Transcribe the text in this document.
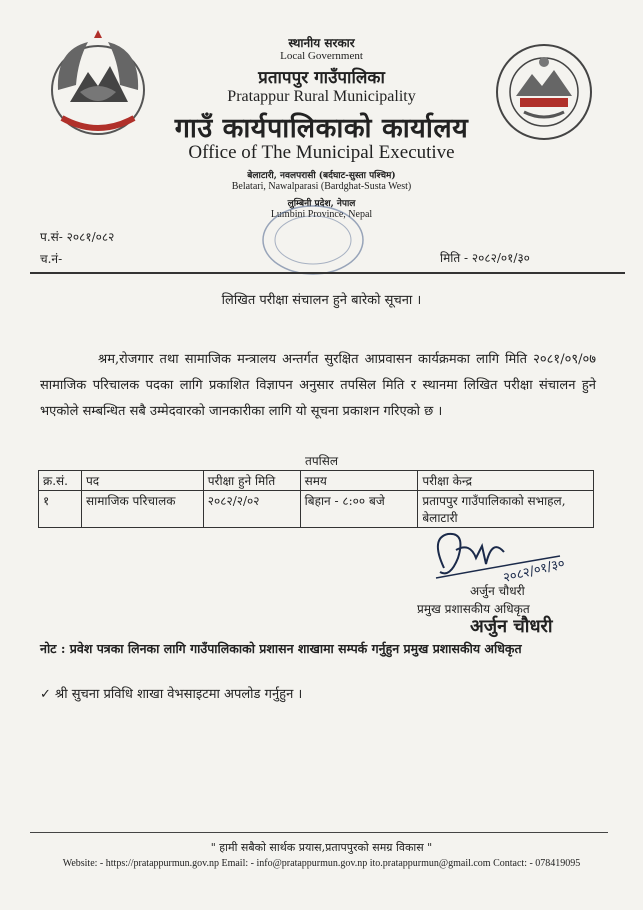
स्थानीय सरकार
Local Government
प्रतापपुर गाउँपालिका
Pratappur Rural Municipality
गाउँ कार्यपालिकाको कार्यालय
Office of The Municipal Executive
बेलाटारी, नवलपरासी (बर्दघाट-सुस्ता पश्चिम)
Belatari, Nawalparasi (Bardghat-Susta West)
लुम्बिनी प्रदेश, नेपाल
Lumbini Province, Nepal
प.सं- २०८१/०८२
च.नं-	मिति - २०८२/०१/३०
लिखित परीक्षा संचालन हुने बारेको सूचना ।
श्रम,रोजगार तथा सामाजिक मन्त्रालय अन्तर्गत सुरक्षित आप्रवासन कार्यक्रमका लागि मिति २०८१/०९/०७ सामाजिक परिचालक पदका लागि प्रकाशित विज्ञापन अनुसार तपसिल मिति र स्थानमा लिखित परीक्षा संचालन हुने भएकोले सम्बन्धित सबै उम्मेदवारको जानकारीका लागि यो सूचना प्रकाशन गरिएको छ ।
तपसिल
क्र.सं.	पद	परीक्षा हुने मिति	समय	परीक्षा केन्द्र
१	सामाजिक परिचालक	२०८२/२/०२	बिहान - ८:०० बजे	प्रतापपुर गाउँपालिकाको सभाहल, बेलाटारी
२०८२/०१/३०
अर्जुन चौधरी
प्रमुख प्रशासकीय अधिकृत
अर्जुन चौधरी
नोट : प्रवेश पत्रका लिनका लागि गाउँपालिकाको प्रशासन शाखामा सम्पर्क गर्नुहुन प्रमुख प्रशासकीय अधिकृत
✓ श्री सुचना प्रविधि शाखा वेभसाइटमा अपलोड गर्नुहुन ।
" हामी सबैको सार्थक प्रयास,प्रतापपुरको समग्र विकास "
Website: - https://pratappurmun.gov.np Email: - info@pratappurmun.gov.np ito.pratappurmun@gmail.com Contact: - 078419095
